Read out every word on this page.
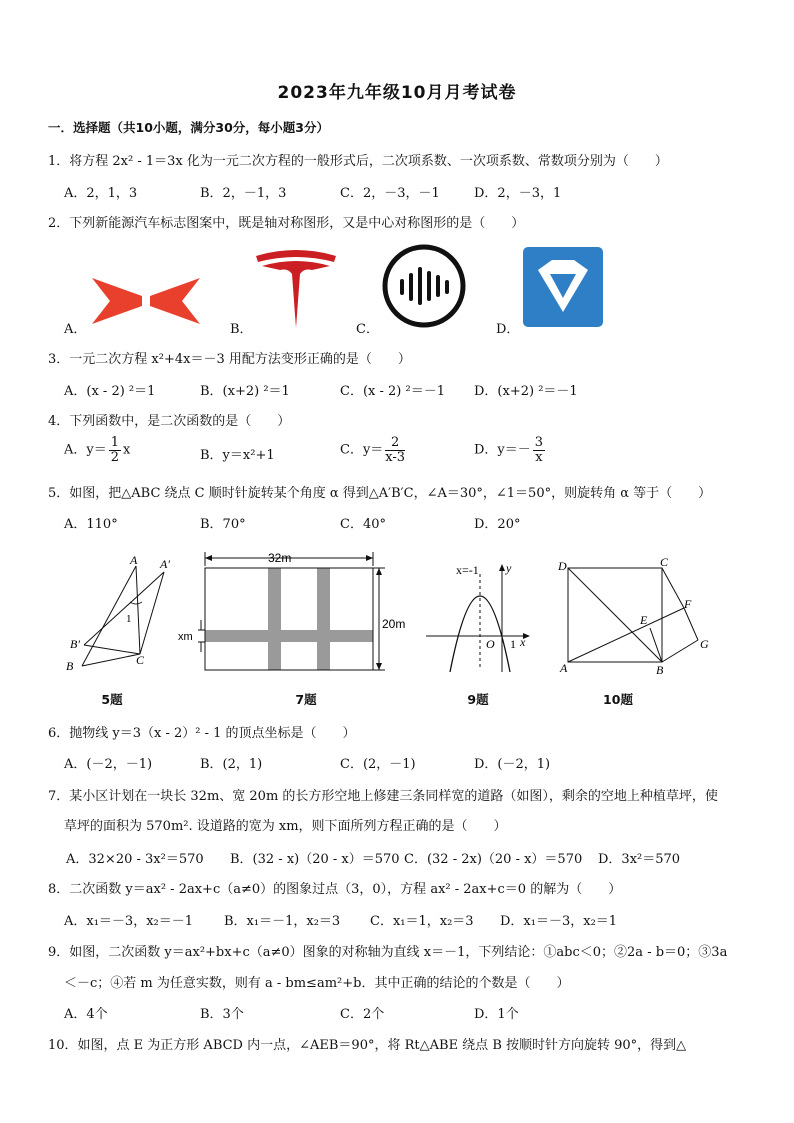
2023年九年级10月月考试卷
一．选择题（共10小题，满分30分，每小题3分）
1．将方程 2x² - 1＝3x 化为一元二次方程的一般形式后，二次项系数、一次项系数、常数项分别为（　　）
A．2，1，3	B．2，－1，3	C．2，－3，－1	D．2，－3，1
2．下列新能源汽车标志图案中，既是轴对称图形，又是中心对称图形的是（　　）
A．	B．	C．	D．
3．一元二次方程 x²+4x＝－3 用配方法变形正确的是（　　）
A．(x - 2) ²＝1	B．(x+2) ²＝1	C．(x - 2) ²＝－1 D．(x+2) ²＝－1
4．下列函数中，是二次函数的是（　　）
A．$y= \frac{1}{2}$ x	B．y＝x²+1	C．$y= \frac{2}{x-3}$	D．$y=- \frac{3}{x}$
5．如图，把△ABC 绕点 C 顺时针旋转某个角度 α 得到△A′B′C，∠A＝30°，∠1＝50°，则旋转角 α 等于（　　）
A．110°	B．70°	C．40°	D．20°
A A′
B′
B	C
1
5题
32m
20m
xm
7题
x=-1 y
x
O 1
9题
D	C
A	B
E
F
G
10题
6．抛物线 y＝3（x - 2）² - 1 的顶点坐标是（　　）
A．(－2，－1)	B．(2，1)	C．(2，－1)	D．(－2，1)
7．某小区计划在一块长 32m、宽 20m 的长方形空地上修建三条同样宽的道路（如图），剩余的空地上种植草坪，使
草坪的面积为 570m². 设道路的宽为 xm，则下面所列方程正确的是（　　）
A．32×20 - 3x²＝570 B．(32 - x)（20 - x）＝570 C．(32 - 2x)（20 - x）＝570 D．3x²＝570
8．二次函数 y＝ax² - 2ax+c（a≠0）的图象过点（3，0），方程 ax² - 2ax+c＝0 的解为（　　）
A．x₁＝－3，x₂＝－1 B．x₁＝－1，x₂＝3 C．x₁＝1，x₂＝3 D．x₁＝－3，x₂＝1
9．如图，二次函数 y＝ax²+bx+c（a≠0）图象的对称轴为直线 x＝－1，下列结论：①abc＜0；②2a - b＝0；③3a
＜－c；④若 m 为任意实数，则有 a - bm≤am²+b．其中正确的结论的个数是（　　）
A．4个	B．3个	C．2个	D．1个
10．如图，点 E 为正方形 ABCD 内一点，∠AEB＝90°，将 Rt△ABE 绕点 B 按顺时针方向旋转 90°，得到△
